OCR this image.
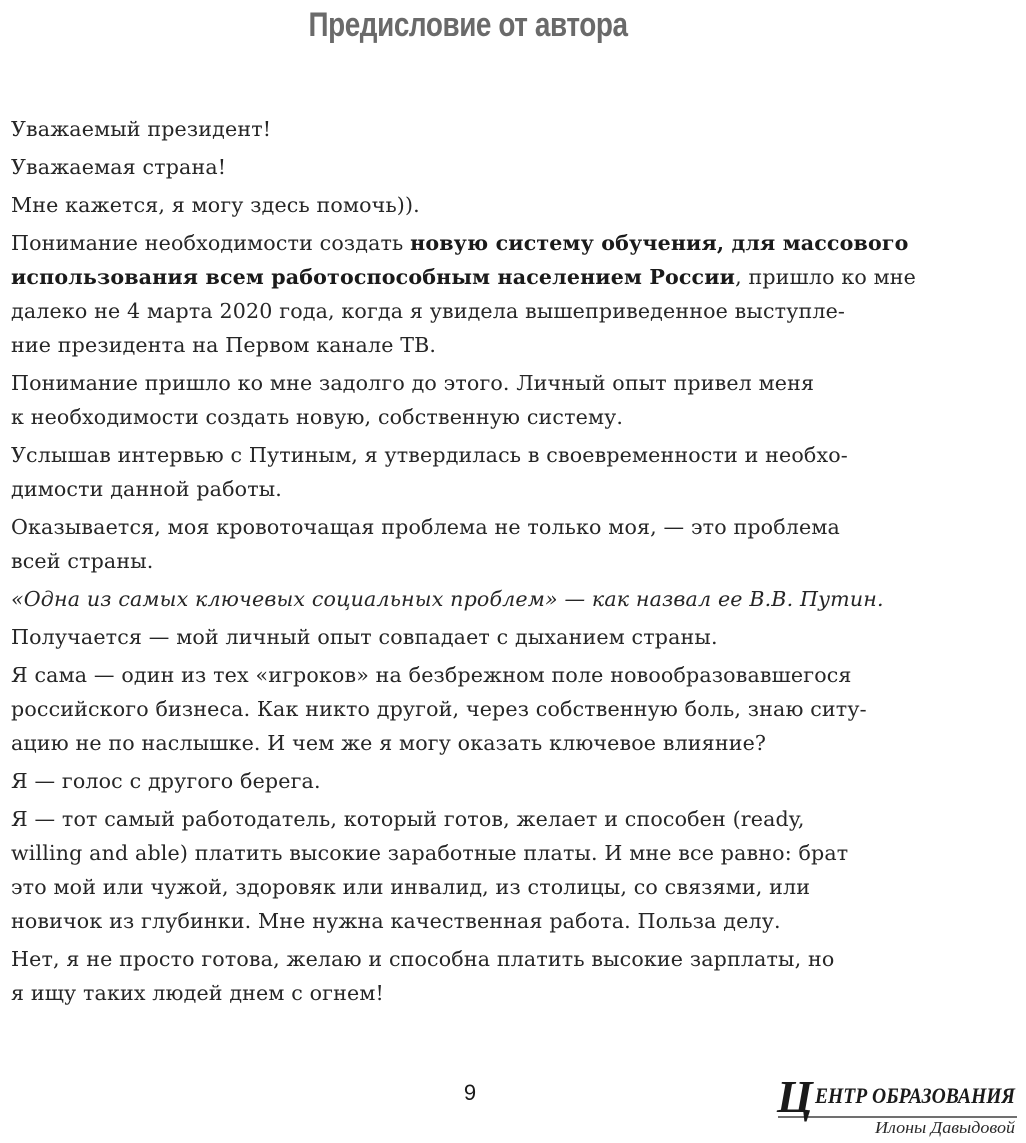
Предисловие от автора

Уважаемый президент!

Уважаемая страна!

Мне кажется, я могу здесь помочь)).

Понимание необходимости создать новую систему обучения, для массового
использования всем работоспособным населением России, пришло ко мне
далеко не 4 марта 2020 года, когда я увидела вышеприведенное выступле-
ние президента на Первом канале ТВ.

Понимание пришло ко мне задолго до этого. Личный опыт привел меня
к необходимости создать новую, собственную систему.

Услышав интервью с Путиным, я утвердилась в своевременности и необхо-
димости данной работы.

Оказывается, моя кровоточащая проблема не только моя, — это проблема
всей страны.

«Одна из самых ключевых социальных проблем» — как назвал ее В.В. Путин.

Получается — мой личный опыт совпадает с дыханием страны.

Я сама — один из тех «игроков» на безбрежном поле новообразовавшегося
российского бизнеса. Как никто другой, через собственную боль, знаю ситу-
ацию не по наслышке. И чем же я могу оказать ключевое влияние?

Я — голос с другого берега.

Я — тот самый работодатель, который готов, желает и способен (ready,
willing and able) платить высокие заработные платы. И мне все равно: брат
это мой или чужой, здоровяк или инвалид, из столицы, со связями, или
новичок из глубинки. Мне нужна качественная работа. Польза делу.

Нет, я не просто готова, желаю и способна платить высокие зарплаты, но
я ищу таких людей днем с огнем!

9	Ц ЕНТР ОБРАЗОВАНИЯ
Илоны Давыдовой
